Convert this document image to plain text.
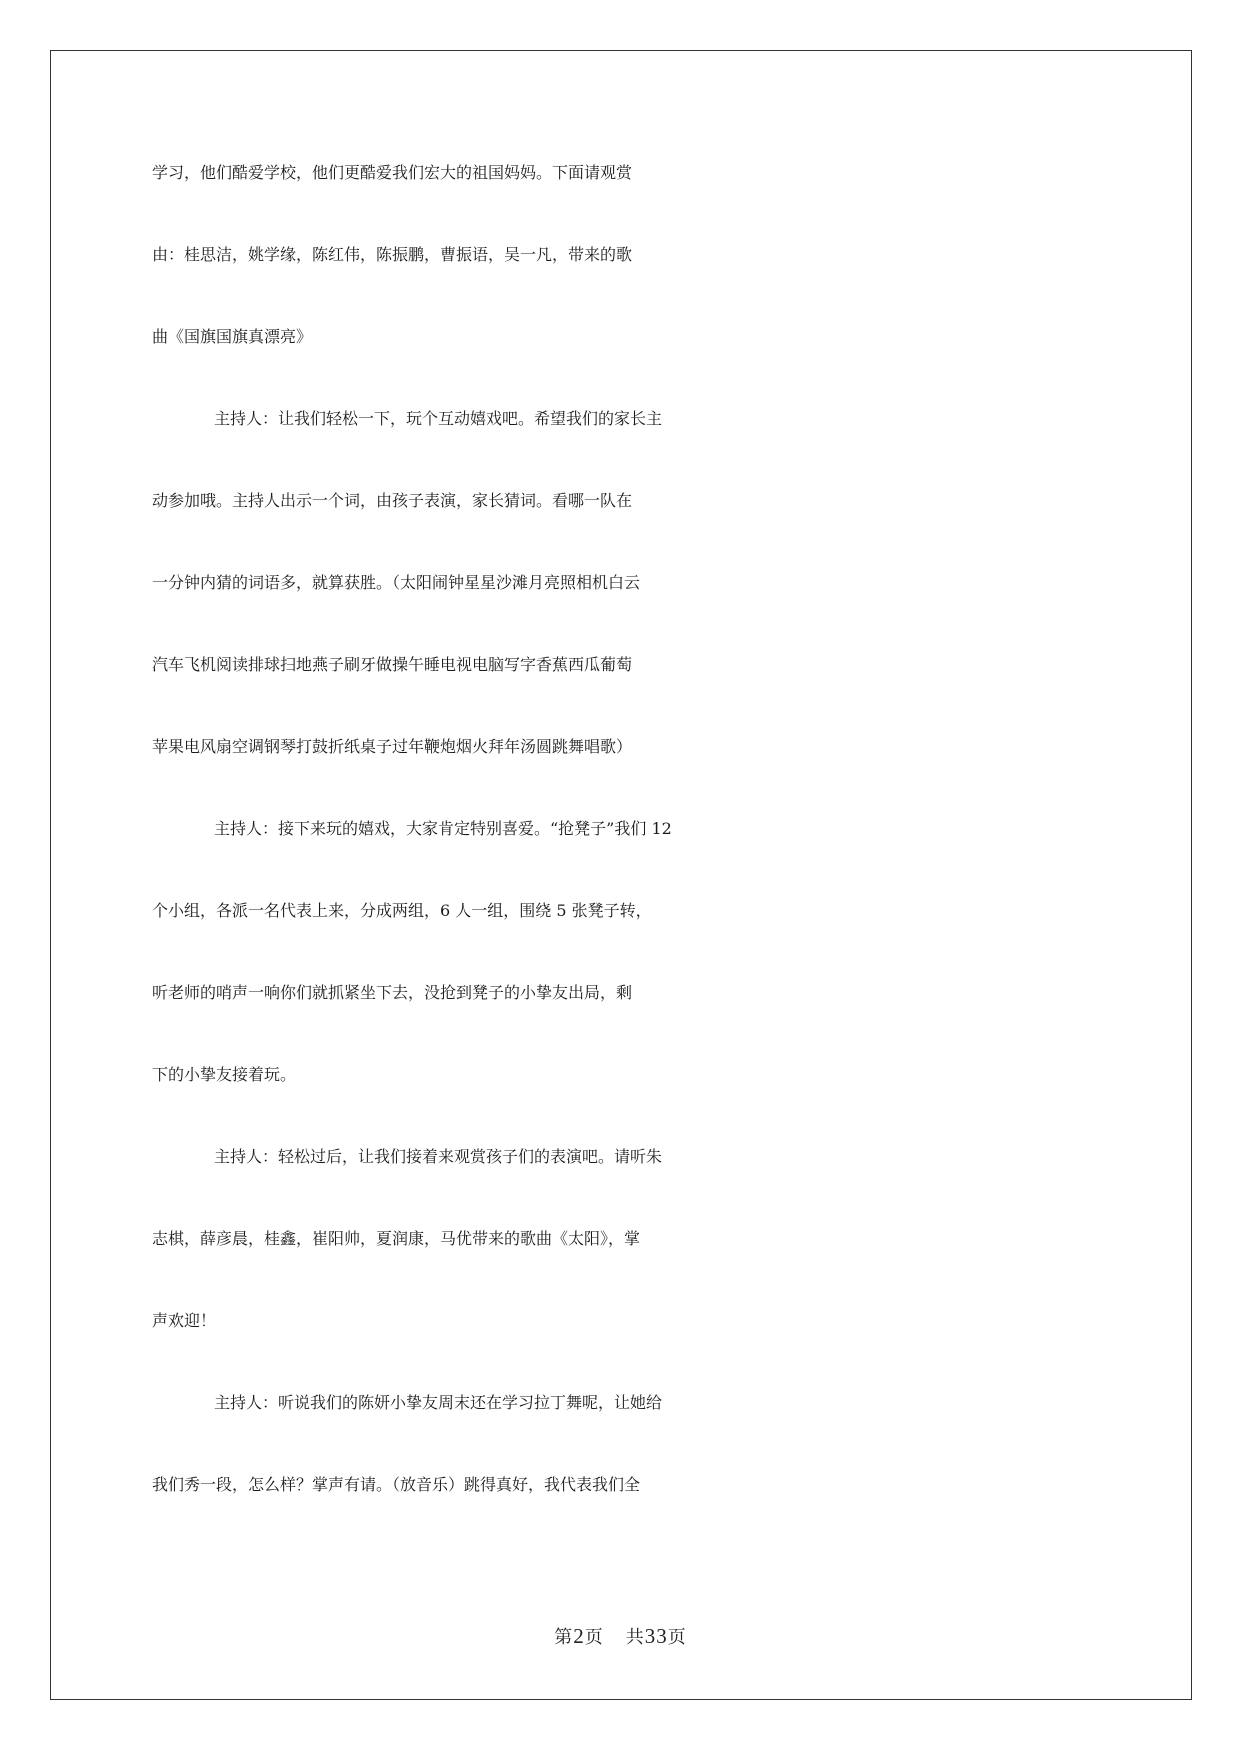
学习，他们酷爱学校，他们更酷爱我们宏大的祖国妈妈。下面请观赏
由：桂思洁，姚学缘，陈红伟，陈振鹏，曹振语，吴一凡，带来的歌
曲《国旗国旗真漂亮》
主持人：让我们轻松一下，玩个互动嬉戏吧。希望我们的家长主
动参加哦。主持人出示一个词，由孩子表演，家长猜词。看哪一队在
一分钟内猜的词语多，就算获胜。（太阳闹钟星星沙滩月亮照相机白云
汽车飞机阅读排球扫地燕子刷牙做操午睡电视电脑写字香蕉西瓜葡萄
苹果电风扇空调钢琴打鼓折纸桌子过年鞭炮烟火拜年汤圆跳舞唱歌）
主持人：接下来玩的嬉戏，大家肯定特别喜爱。“抢凳子”我们 12
个小组，各派一名代表上来，分成两组，6 人一组，围绕 5 张凳子转，
听老师的哨声一响你们就抓紧坐下去，没抢到凳子的小挚友出局，剩
下的小挚友接着玩。
主持人：轻松过后，让我们接着来观赏孩子们的表演吧。请听朱
志棋，薛彦晨，桂鑫，崔阳帅，夏润康，马优带来的歌曲《太阳》，掌
声欢迎！
主持人：听说我们的陈妍小挚友周末还在学习拉丁舞呢，让她给
我们秀一段，怎么样？掌声有请。（放音乐）跳得真好，我代表我们全
第2页 共33页
